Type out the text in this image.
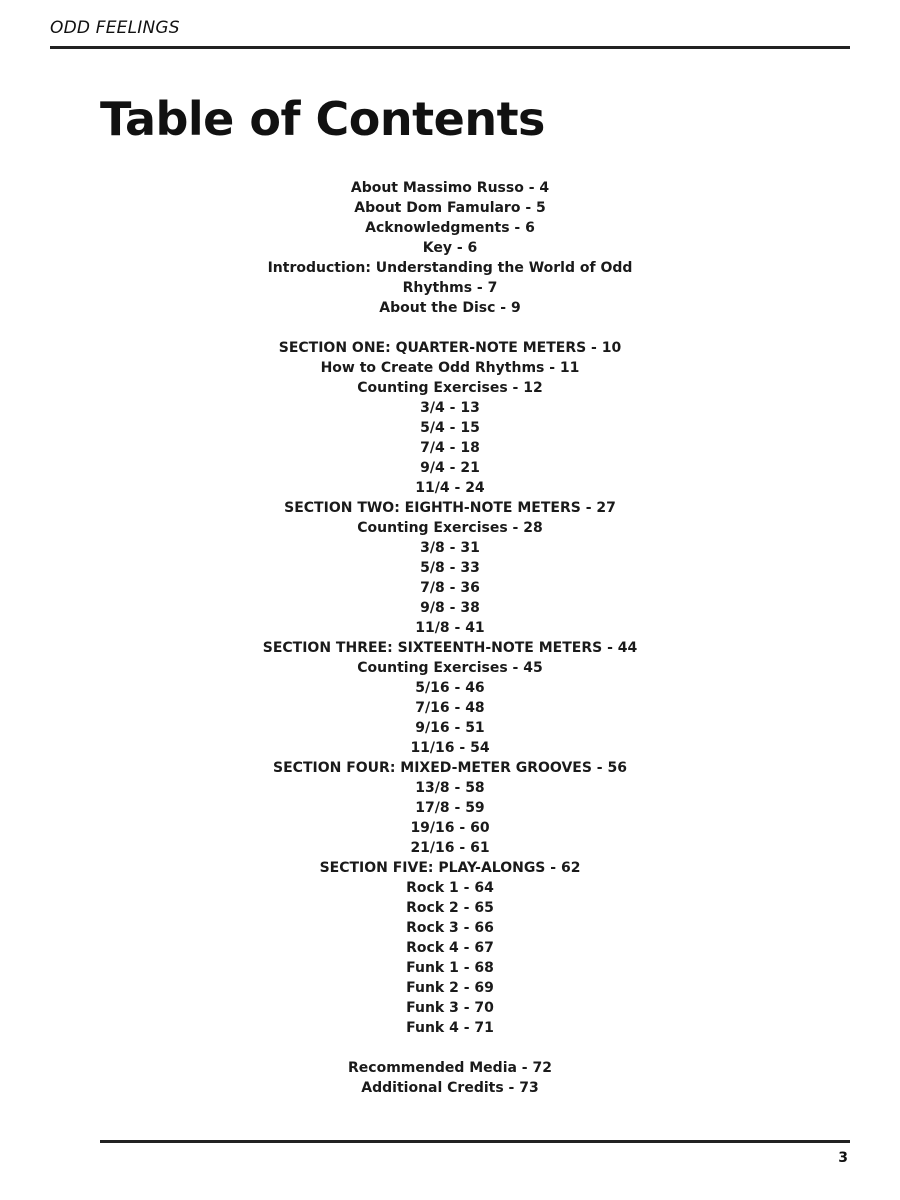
ODD FEELINGS
Table of Contents
About Massimo Russo - 4
About Dom Famularo - 5
Acknowledgments - 6
Key - 6
Introduction: Understanding the World of Odd
Rhythms - 7
About the Disc - 9
SECTION ONE: QUARTER-NOTE METERS - 10
How to Create Odd Rhythms - 11
Counting Exercises - 12
3/4 - 13
5/4 - 15
7/4 - 18
9/4 - 21
11/4 - 24
SECTION TWO: EIGHTH-NOTE METERS - 27
Counting Exercises - 28
3/8 - 31
5/8 - 33
7/8 - 36
9/8 - 38
11/8 - 41
SECTION THREE: SIXTEENTH-NOTE METERS - 44
Counting Exercises - 45
5/16 - 46
7/16 - 48
9/16 - 51
11/16 - 54
SECTION FOUR: MIXED-METER GROOVES - 56
13/8 - 58
17/8 - 59
19/16 - 60
21/16 - 61
SECTION FIVE: PLAY-ALONGS - 62
Rock 1 - 64
Rock 2 - 65
Rock 3 - 66
Rock 4 - 67
Funk 1 - 68
Funk 2 - 69
Funk 3 - 70
Funk 4 - 71
Recommended Media - 72
Additional Credits - 73
3
